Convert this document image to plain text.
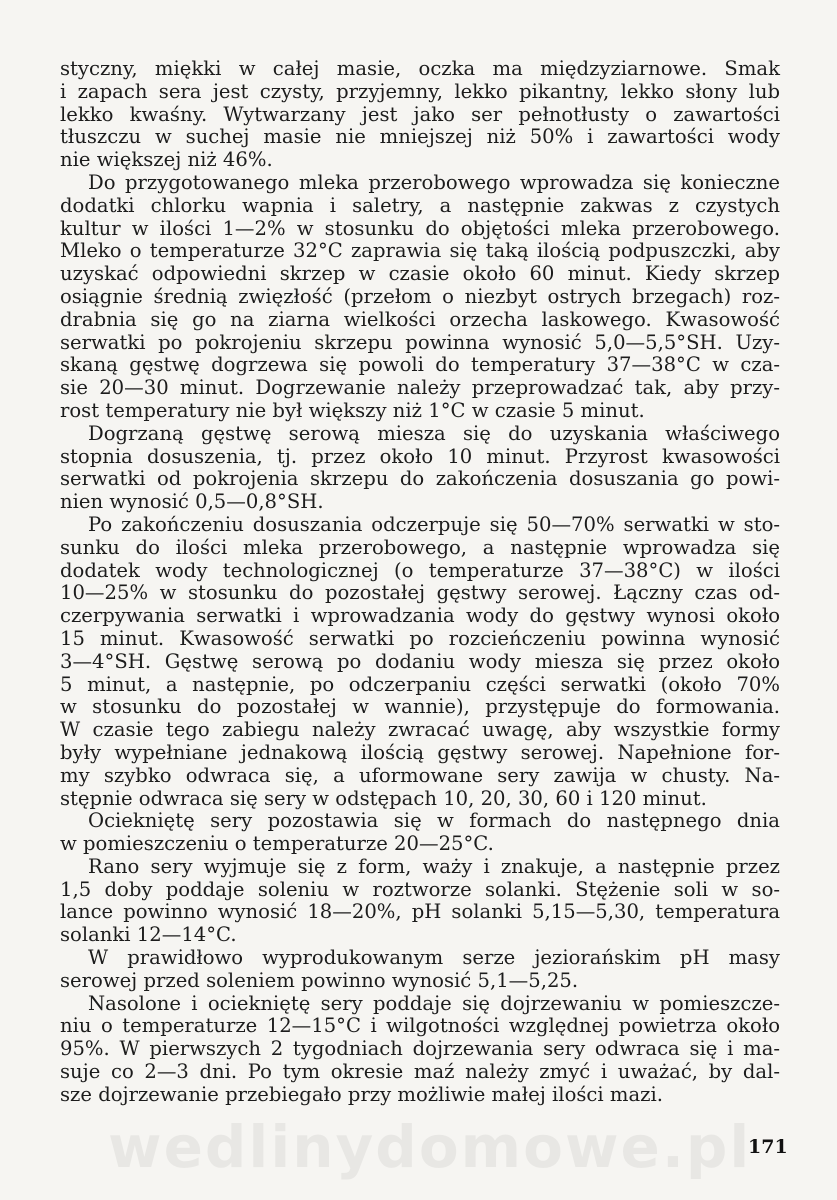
styczny, miękki w całej masie, oczka ma międzyziarnowe. Smak
i zapach sera jest czysty, przyjemny, lekko pikantny, lekko słony lub
lekko kwaśny. Wytwarzany jest jako ser pełnotłusty o zawartości
tłuszczu w suchej masie nie mniejszej niż 50% i zawartości wody
nie większej niż 46%.
Do przygotowanego mleka przerobowego wprowadza się konieczne
dodatki chlorku wapnia i saletry, a następnie zakwas z czystych
kultur w ilości 1—2% w stosunku do objętości mleka przerobowego.
Mleko o temperaturze 32°C zaprawia się taką ilością podpuszczki, aby
uzyskać odpowiedni skrzep w czasie około 60 minut. Kiedy skrzep
osiągnie średnią zwięzłość (przełom o niezbyt ostrych brzegach) roz-
drabnia się go na ziarna wielkości orzecha laskowego. Kwasowość
serwatki po pokrojeniu skrzepu powinna wynosić 5,0—5,5°SH. Uzy-
skaną gęstwę dogrzewa się powoli do temperatury 37—38°C w cza-
sie 20—30 minut. Dogrzewanie należy przeprowadzać tak, aby przy-
rost temperatury nie był większy niż 1°C w czasie 5 minut.
Dogrzaną gęstwę serową miesza się do uzyskania właściwego
stopnia dosuszenia, tj. przez około 10 minut. Przyrost kwasowości
serwatki od pokrojenia skrzepu do zakończenia dosuszania go powi-
nien wynosić 0,5—0,8°SH.
Po zakończeniu dosuszania odczerpuje się 50—70% serwatki w sto-
sunku do ilości mleka przerobowego, a następnie wprowadza się
dodatek wody technologicznej (o temperaturze 37—38°C) w ilości
10—25% w stosunku do pozostałej gęstwy serowej. Łączny czas od-
czerpywania serwatki i wprowadzania wody do gęstwy wynosi około
15 minut. Kwasowość serwatki po rozcieńczeniu powinna wynosić
3—4°SH. Gęstwę serową po dodaniu wody miesza się przez około
5 minut, a następnie, po odczerpaniu części serwatki (około 70%
w stosunku do pozostałej w wannie), przystępuje do formowania.
W czasie tego zabiegu należy zwracać uwagę, aby wszystkie formy
były wypełniane jednakową ilością gęstwy serowej. Napełnione for-
my szybko odwraca się, a uformowane sery zawija w chusty. Na-
stępnie odwraca się sery w odstępach 10, 20, 30, 60 i 120 minut.
Ociekniętę sery pozostawia się w formach do następnego dnia
w pomieszczeniu o temperaturze 20—25°C.
Rano sery wyjmuje się z form, waży i znakuje, a następnie przez
1,5 doby poddaje soleniu w roztworze solanki. Stężenie soli w so-
lance powinno wynosić 18—20%, pH solanki 5,15—5,30, temperatura
solanki 12—14°C.
W prawidłowo wyprodukowanym serze jeziorańskim pH masy
serowej przed soleniem powinno wynosić 5,1—5,25.
Nasolone i ociekniętę sery poddaje się dojrzewaniu w pomieszcze-
niu o temperaturze 12—15°C i wilgotności względnej powietrza około
95%. W pierwszych 2 tygodniach dojrzewania sery odwraca się i ma-
suje co 2—3 dni. Po tym okresie maź należy zmyć i uważać, by dal-
sze dojrzewanie przebiegało przy możliwie małej ilości mazi.
wedlinydomowe.pl
171
